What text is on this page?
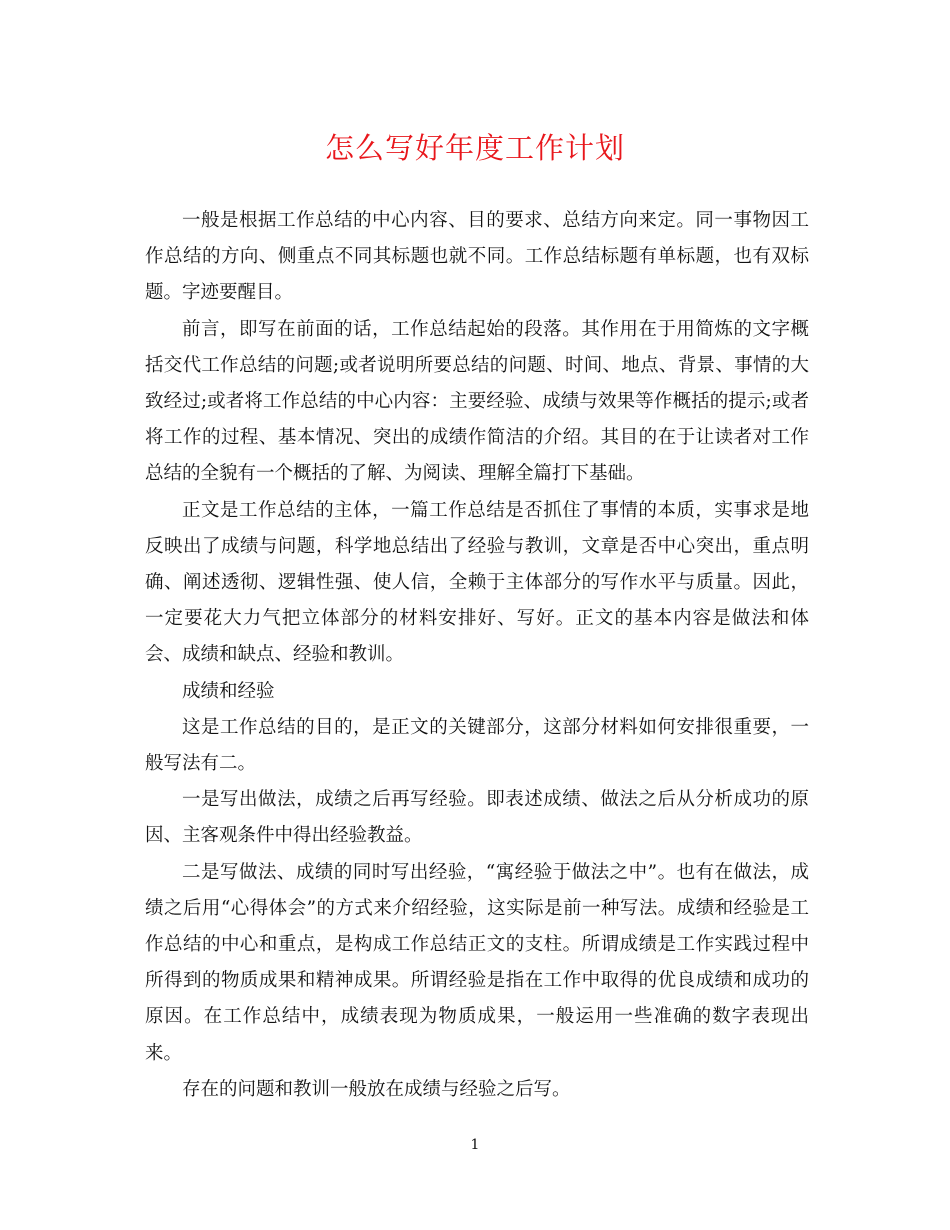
怎么写好年度工作计划

一般是根据工作总结的中心内容、目的要求、总结方向来定。同一事物因工作总结的方向、侧重点不同其标题也就不同。工作总结标题有单标题，也有双标题。字迹要醒目。

前言，即写在前面的话，工作总结起始的段落。其作用在于用简炼的文字概括交代工作总结的问题;或者说明所要总结的问题、时间、地点、背景、事情的大致经过;或者将工作总结的中心内容：主要经验、成绩与效果等作概括的提示;或者将工作的过程、基本情况、突出的成绩作简洁的介绍。其目的在于让读者对工作总结的全貌有一个概括的了解、为阅读、理解全篇打下基础。

正文是工作总结的主体，一篇工作总结是否抓住了事情的本质，实事求是地反映出了成绩与问题，科学地总结出了经验与教训，文章是否中心突出，重点明确、阐述透彻、逻辑性强、使人信，全赖于主体部分的写作水平与质量。因此，一定要花大力气把立体部分的材料安排好、写好。正文的基本内容是做法和体会、成绩和缺点、经验和教训。

成绩和经验

这是工作总结的目的，是正文的关键部分，这部分材料如何安排很重要，一般写法有二。

一是写出做法，成绩之后再写经验。即表述成绩、做法之后从分析成功的原因、主客观条件中得出经验教益。

二是写做法、成绩的同时写出经验，“寓经验于做法之中”。也有在做法，成绩之后用“心得体会”的方式来介绍经验，这实际是前一种写法。成绩和经验是工作总结的中心和重点，是构成工作总结正文的支柱。所谓成绩是工作实践过程中所得到的物质成果和精神成果。所谓经验是指在工作中取得的优良成绩和成功的原因。在工作总结中，成绩表现为物质成果，一般运用一些准确的数字表现出来。

存在的问题和教训一般放在成绩与经验之后写。

1
